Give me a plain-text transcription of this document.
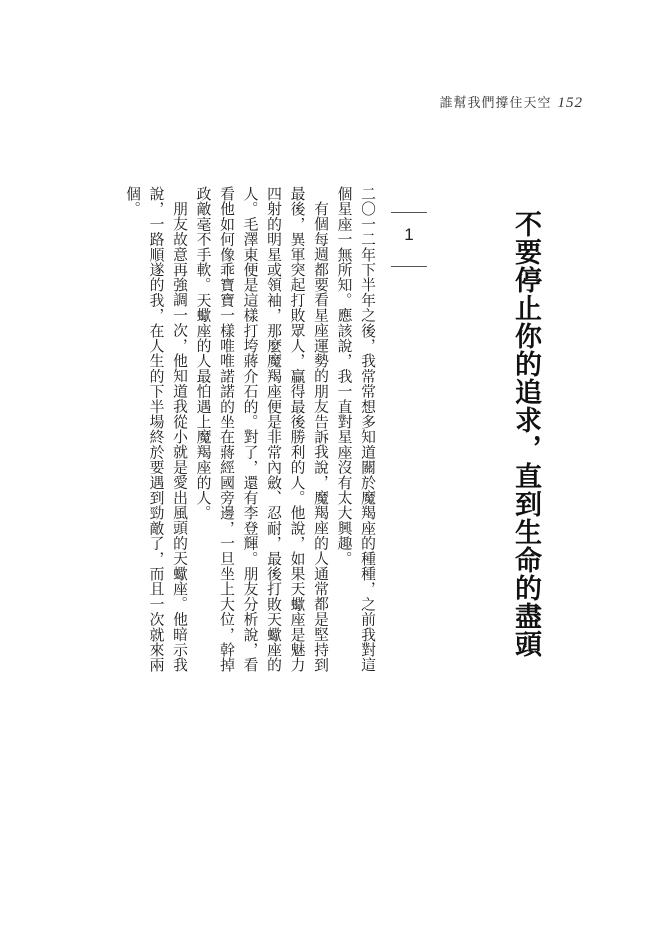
誰幫我們撐住天空 152
不要停止你的追求，直到生命的盡頭
1

二〇一二年下半年之後，我常常想多知道關於魔羯座的種種，之前我對這個星座一無所知。應該說，我一直對星座沒有太大興趣。

有個每週都要看星座運勢的朋友告訴我說，魔羯座的人通常都是堅持到最後，異軍突起打敗眾人，贏得最後勝利的人。他說，如果天蠍座是魅力四射的明星或領袖，那麼魔羯座便是非常內斂、忍耐，最後打敗天蠍座的人。毛澤東便是這樣打垮蔣介石的。對了，還有李登輝。朋友分析說，看看他如何像乖寶寶一樣唯唯諾諾的坐在蔣經國旁邊，一旦坐上大位，幹掉政敵毫不手軟。天蠍座的人最怕遇上魔羯座的人。

朋友故意再強調一次，他知道我從小就是愛出風頭的天蠍座。他暗示我說，一路順遂的我，在人生的下半場終於要遇到勁敵了，而且一次就來兩個。
